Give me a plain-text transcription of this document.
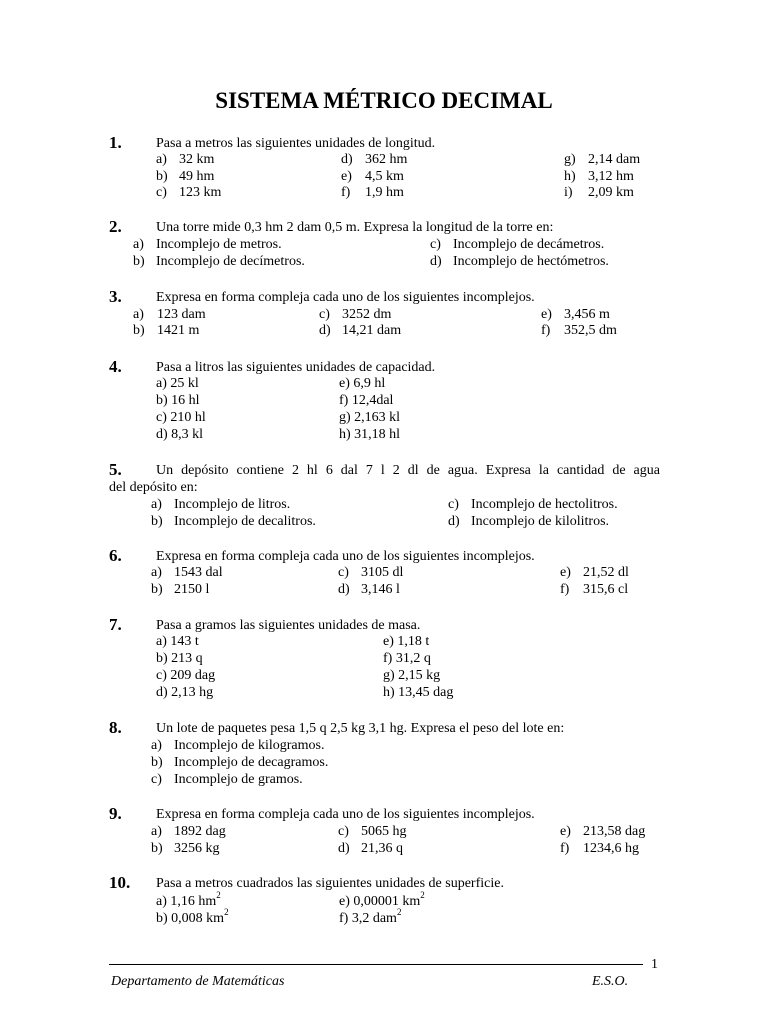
SISTEMA MÉTRICO DECIMAL
1. Pasa a metros las siguientes unidades de longitud.
a) 32 km	d) 362 hm	g) 2,14 dam
b) 49 hm	e) 4,5 km	h) 3,12 hm
c) 123 km	f) 1,9 hm	i) 2,09 km
2. Una torre mide 0,3 hm 2 dam 0,5 m. Expresa la longitud de la torre en:
a) Incomplejo de metros.	c) Incomplejo de decámetros.
b) Incomplejo de decímetros.	d) Incomplejo de hectómetros.
3. Expresa en forma compleja cada uno de los siguientes incomplejos.
a) 123 dam	c) 3252 dm	e) 3,456 m
b) 1421 m	d) 14,21 dam	f) 352,5 dm
4. Pasa a litros las siguientes unidades de capacidad.
a) 25 kl	e) 6,9 hl
b) 16 hl	f) 12,4dal
c) 210 hl	g) 2,163 kl
d) 8,3 kl	h) 31,18 hl
5. Un depósito contiene 2 hl 6 dal 7 l 2 dl de agua. Expresa la cantidad de agua
del depósito en:
a) Incomplejo de litros.	c) Incomplejo de hectolitros.
b) Incomplejo de decalitros.	d) Incomplejo de kilolitros.
6. Expresa en forma compleja cada uno de los siguientes incomplejos.
a) 1543 dal	c) 3105 dl	e) 21,52 dl
b) 2150 l	d) 3,146 l	f) 315,6 cl
7. Pasa a gramos las siguientes unidades de masa.
a) 143 t	e) 1,18 t
b) 213 q	f) 31,2 q
c) 209 dag	g) 2,15 kg
d) 2,13 hg	h) 13,45 dag
8. Un lote de paquetes pesa 1,5 q 2,5 kg 3,1 hg. Expresa el peso del lote en:
a) Incomplejo de kilogramos.
b) Incomplejo de decagramos.
c) Incomplejo de gramos.
9. Expresa en forma compleja cada uno de los siguientes incomplejos.
a) 1892 dag	c) 5065 hg	e) 213,58 dag
b) 3256 kg	d) 21,36 q	f) 1234,6 hg
10. Pasa a metros cuadrados las siguientes unidades de superficie.
a) 1,16 $hm^2$	e) 0,00001 $km^2$
b) 0,008 $km^2$	f) 3,2 dam$^2$
1
Departamento de Matemáticas	E.S.O.
